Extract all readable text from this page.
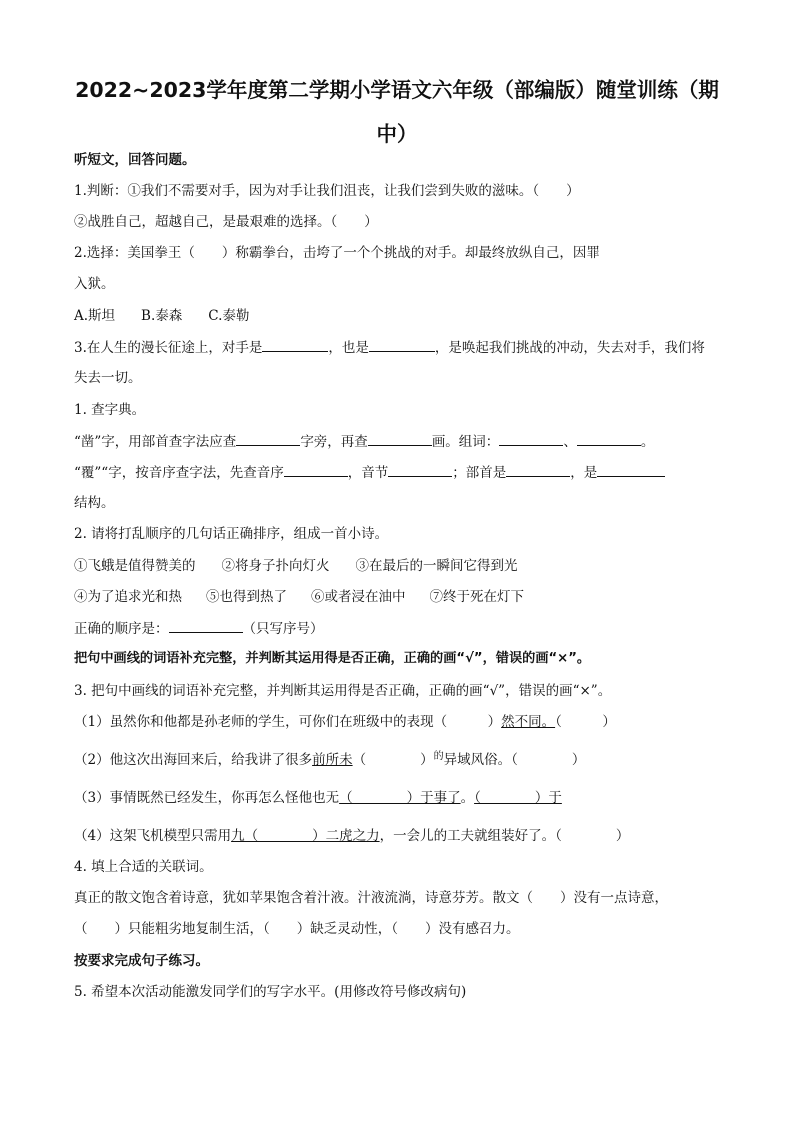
2022~2023学年度第二学期小学语文六年级（部编版）随堂训练（期中）
听短文，回答问题。
1.判断：①我们不需要对手，因为对手让我们沮丧，让我们尝到失败的滋味。（　　）
②战胜自己，超越自己，是最艰难的选择。（　　）
2.选择：美国拳王（　　）称霸拳台，击垮了一个个挑战的对手。却最终放纵自己，因罪
入狱。
A.斯坦 B.泰森 C.泰勒
3.在人生的漫长征途上，对手是	，也是	，是唤起我们挑战的冲动，失去对手，我们将
失去一切。
1. 查字典。
“凿”字，用部首查字法应查	字旁，再查	画。组词：	、	。
“覆”“字，按音序查字法，先查音序	，音节	；部首是	，是
结构。
2. 请将打乱顺序的几句话正确排序，组成一首小诗。
①飞蛾是值得赞美的 ②将身子扑向灯火 ③在最后的一瞬间它得到光
④为了追求光和热 ⑤也得到热了 ⑥或者浸在油中 ⑦终于死在灯下
正确的顺序是：	（只写序号）
把句中画线的词语补充完整，并判断其运用得是否正确，正确的画“√”，错误的画“×”。
3. 把句中画线的词语补充完整，并判断其运用得是否正确，正确的画“√”，错误的画“×”。
（1）虽然你和他都是孙老师的学生，可你们在班级中的表现（　　　）然不同。（　　　）
（2）他这次出海回来后，给我讲了很多前所未（　　　　）$^的$异域风俗。（　　　　）
（3）事情既然已经发生，你再怎么怪他也无（　　　　）于事了。（　　　　）于
（4）这架飞机模型只需用九（　　　　）二虎之力，一会儿的工夫就组装好了。（　　　　）
4. 填上合适的关联词。
真正的散文饱含着诗意，犹如苹果饱含着汁液。汁液流淌，诗意芬芳。散文（　　）没有一点诗意，
（　　）只能粗劣地复制生活，（　　）缺乏灵动性，（　　）没有感召力。
按要求完成句子练习。
5. 希望本次活动能激发同学们的写字水平。(用修改符号修改病句)
